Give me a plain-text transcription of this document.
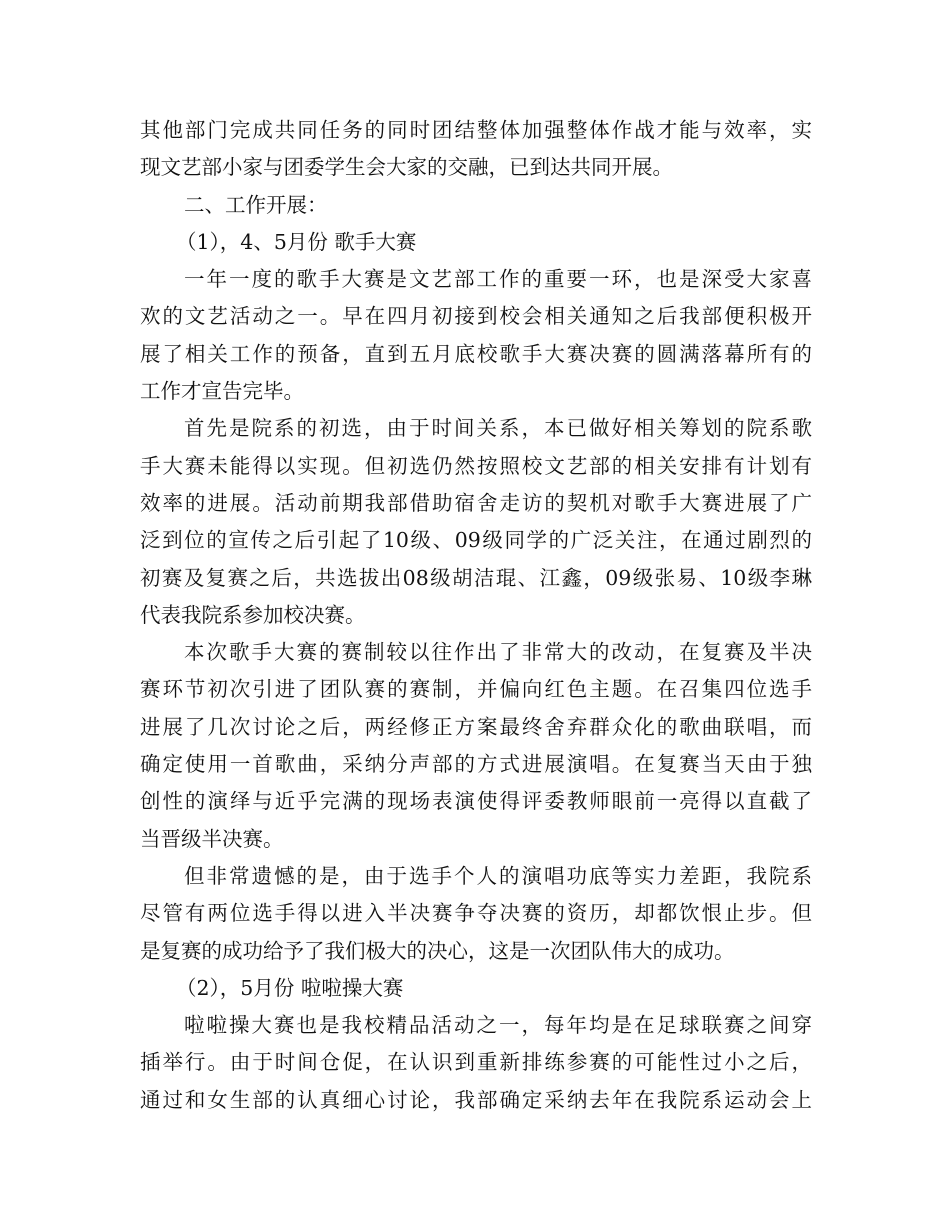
其他部门完成共同任务的同时团结整体加强整体作战才能与效率，实
现文艺部小家与团委学生会大家的交融，已到达共同开展。
二、工作开展：
（1），4、5月份 歌手大赛
一年一度的歌手大赛是文艺部工作的重要一环，也是深受大家喜
欢的文艺活动之一。早在四月初接到校会相关通知之后我部便积极开
展了相关工作的预备，直到五月底校歌手大赛决赛的圆满落幕所有的
工作才宣告完毕。
首先是院系的初选，由于时间关系，本已做好相关筹划的院系歌
手大赛未能得以实现。但初选仍然按照校文艺部的相关安排有计划有
效率的进展。活动前期我部借助宿舍走访的契机对歌手大赛进展了广
泛到位的宣传之后引起了10级、09级同学的广泛关注，在通过剧烈的
初赛及复赛之后，共选拔出08级胡洁琨、江鑫，09级张易、10级李琳
代表我院系参加校决赛。
本次歌手大赛的赛制较以往作出了非常大的改动，在复赛及半决
赛环节初次引进了团队赛的赛制，并偏向红色主题。在召集四位选手
进展了几次讨论之后，两经修正方案最终舍弃群众化的歌曲联唱，而
确定使用一首歌曲，采纳分声部的方式进展演唱。在复赛当天由于独
创性的演绎与近乎完满的现场表演使得评委教师眼前一亮得以直截了
当晋级半决赛。
但非常遗憾的是，由于选手个人的演唱功底等实力差距，我院系
尽管有两位选手得以进入半决赛争夺决赛的资历，却都饮恨止步。但
是复赛的成功给予了我们极大的决心，这是一次团队伟大的成功。
（2），5月份 啦啦操大赛
啦啦操大赛也是我校精品活动之一，每年均是在足球联赛之间穿
插举行。由于时间仓促，在认识到重新排练参赛的可能性过小之后，
通过和女生部的认真细心讨论，我部确定采纳去年在我院系运动会上
